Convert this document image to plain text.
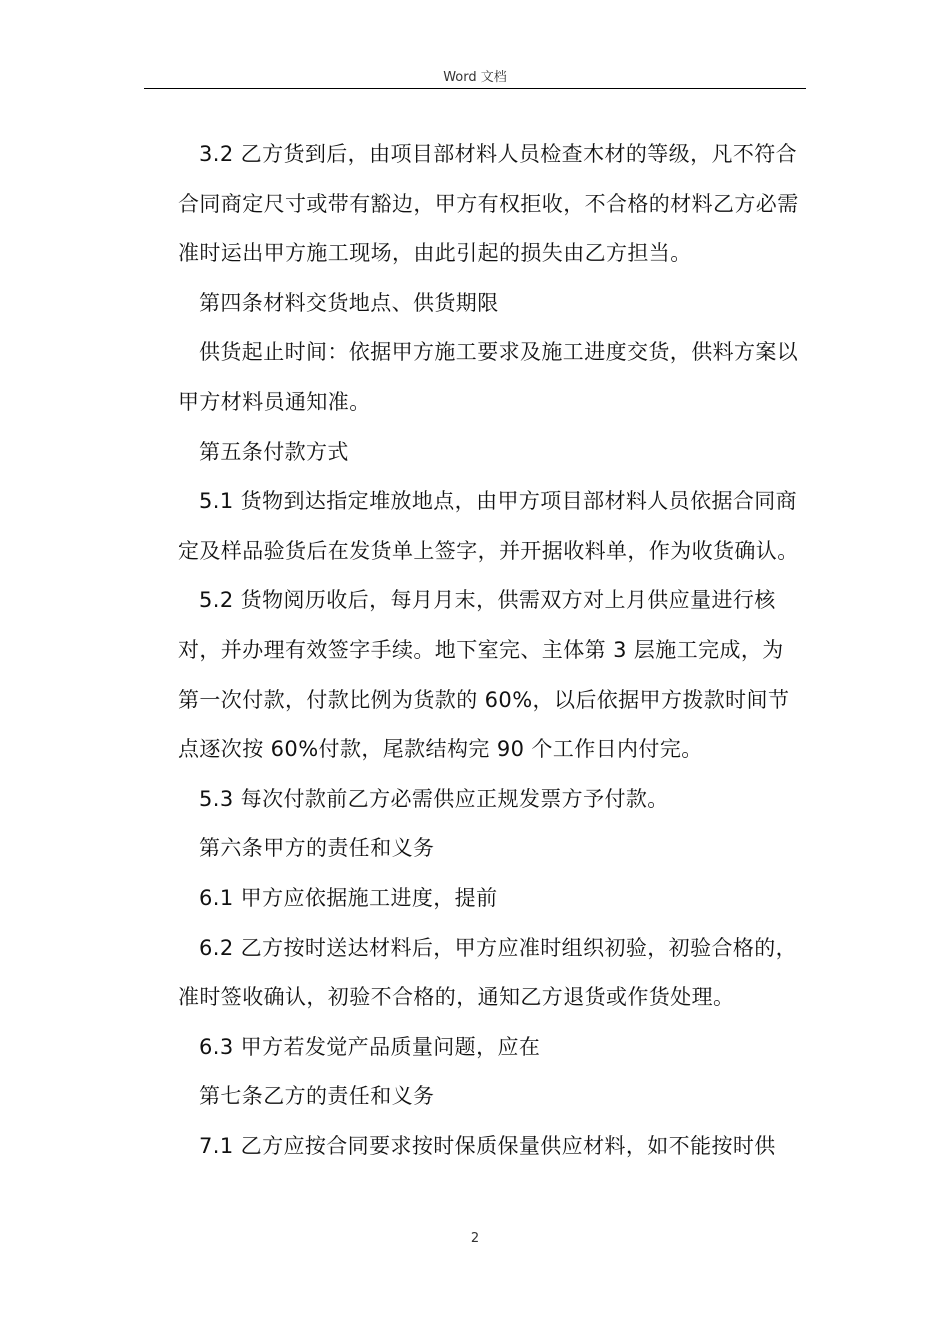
Word 文档

3.2 乙方货到后，由项目部材料人员检查木材的等级，凡不符合合同商定尺寸或带有豁边，甲方有权拒收，不合格的材料乙方必需准时运出甲方施工现场，由此引起的损失由乙方担当。

第四条材料交货地点、供货期限

供货起止时间：依据甲方施工要求及施工进度交货，供料方案以甲方材料员通知准。

第五条付款方式

5.1 货物到达指定堆放地点，由甲方项目部材料人员依据合同商定及样品验货后在发货单上签字，并开据收料单，作为收货确认。

5.2 货物阅历收后，每月月末，供需双方对上月供应量进行核对，并办理有效签字手续。地下室完、主体第 3 层施工完成，为第一次付款，付款比例为货款的 60%，以后依据甲方拨款时间节点逐次按 60%付款，尾款结构完 90 个工作日内付完。

5.3 每次付款前乙方必需供应正规发票方予付款。

第六条甲方的责任和义务

6.1 甲方应依据施工进度，提前

6.2 乙方按时送达材料后，甲方应准时组织初验，初验合格的，准时签收确认，初验不合格的，通知乙方退货或作货处理。

6.3 甲方若发觉产品质量问题，应在

第七条乙方的责任和义务

7.1 乙方应按合同要求按时保质保量供应材料，如不能按时供

2
